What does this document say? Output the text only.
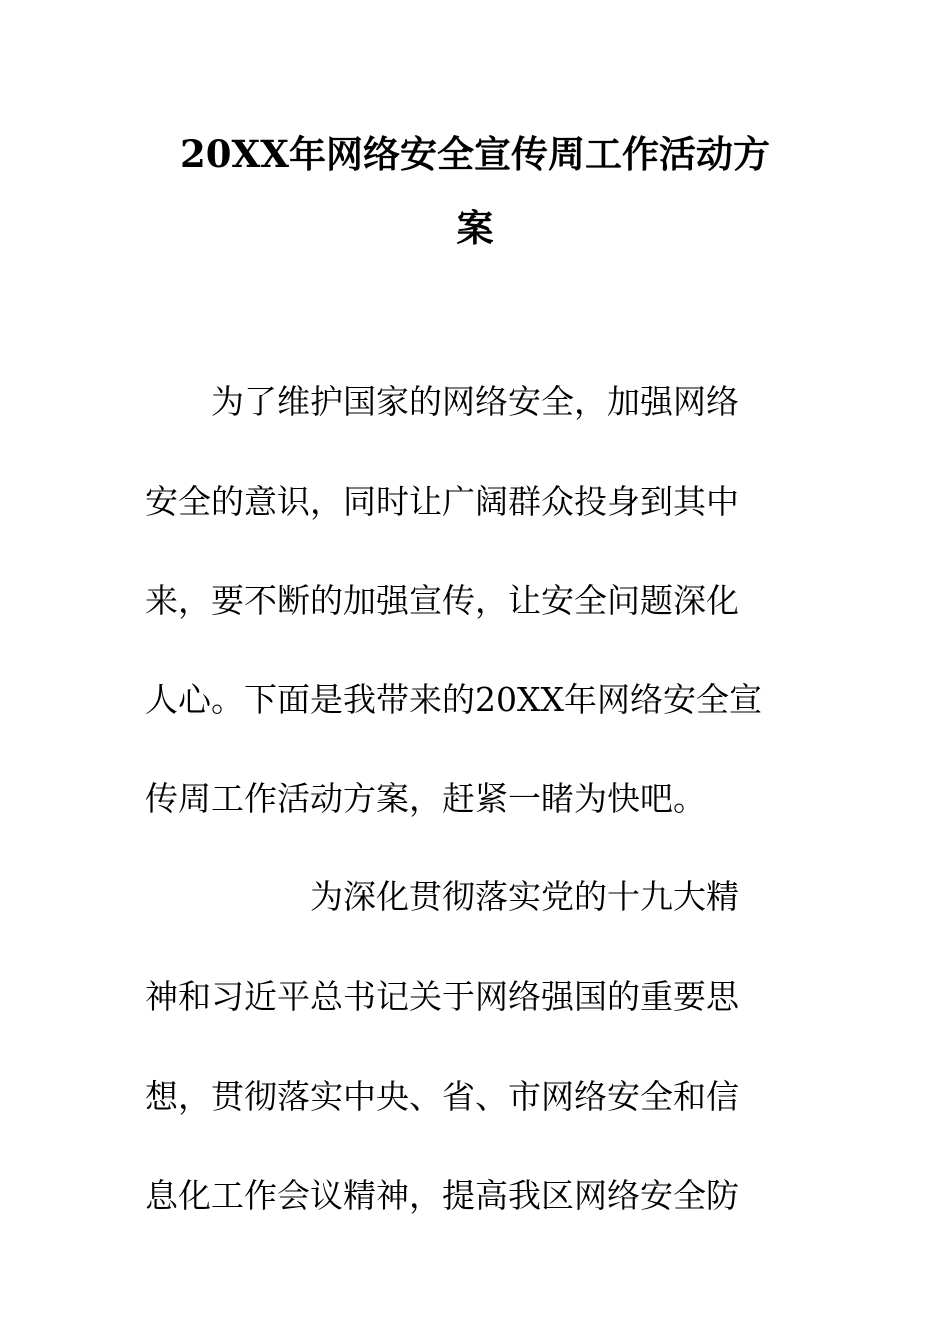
20XX年网络安全宣传周工作活动方
案
　　为了维护国家的网络安全，加强网络
安全的意识，同时让广阔群众投身到其中
来，要不断的加强宣传，让安全问题深化
人心。下面是我带来的20XX年网络安全宣
传周工作活动方案，赶紧一睹为快吧。
　　　　　为深化贯彻落实党的十九大精
神和习近平总书记关于网络强国的重要思
想，贯彻落实中央、省、市网络安全和信
息化工作会议精神，提高我区网络安全防
